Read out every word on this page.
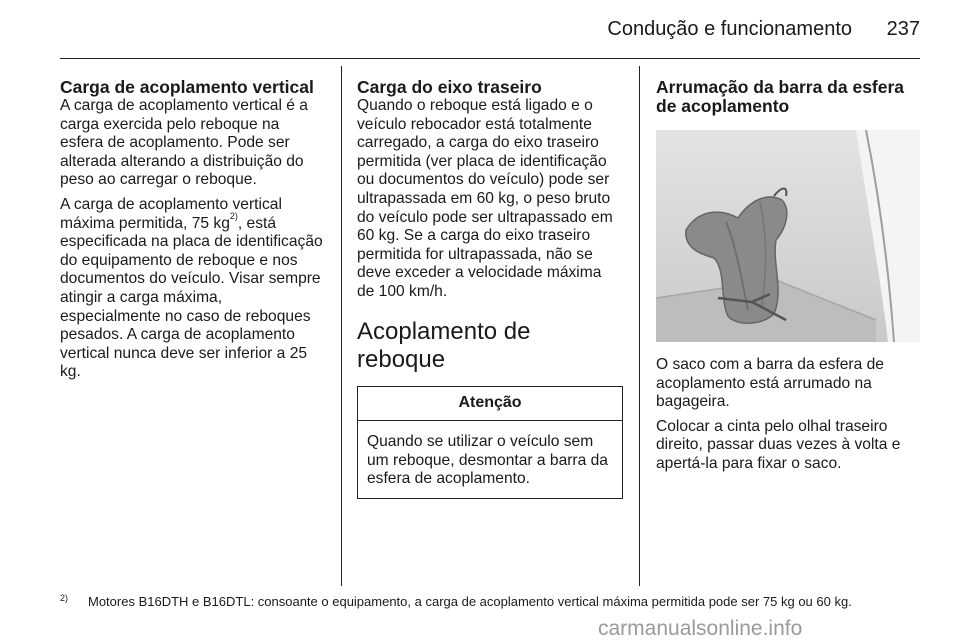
Condução e funcionamento 237
Carga de acoplamento vertical

A carga de acoplamento vertical é a carga exercida pelo reboque na esfera de acoplamento. Pode ser alterada alterando a distribuição do peso ao carregar o reboque.

A carga de acoplamento vertical máxima permitida, 75 $kg^{2)}$, está especificada na placa de identificação do equipamento de reboque e nos documentos do veículo. Visar sempre atingir a carga máxima, especialmente no caso de reboques pesados. A carga de acoplamento vertical nunca deve ser inferior a 25 kg.

Carga do eixo traseiro

Quando o reboque está ligado e o veículo rebocador está totalmente carregado, a carga do eixo traseiro permitida (ver placa de identificação ou documentos do veículo) pode ser ultrapassada em 60 kg, o peso bruto do veículo pode ser ultrapassado em 60 kg. Se a carga do eixo traseiro permitida for ultrapassada, não se deve exceder a velocidade máxima de 100 km/h.

Acoplamento de reboque
Atenção
Quando se utilizar o veículo sem um reboque, desmontar a barra da esfera de acoplamento.
Arrumação da barra da esfera de acoplamento

O saco com a barra da esfera de acoplamento está arrumado na bagageira.

Colocar a cinta pelo olhal traseiro direito, passar duas vezes à volta e apertá-la para fixar o saco.

2) Motores B16DTH e B16DTL: consoante o equipamento, a carga de acoplamento vertical máxima permitida pode ser 75 kg ou 60 kg.
carmanualsonline.info
